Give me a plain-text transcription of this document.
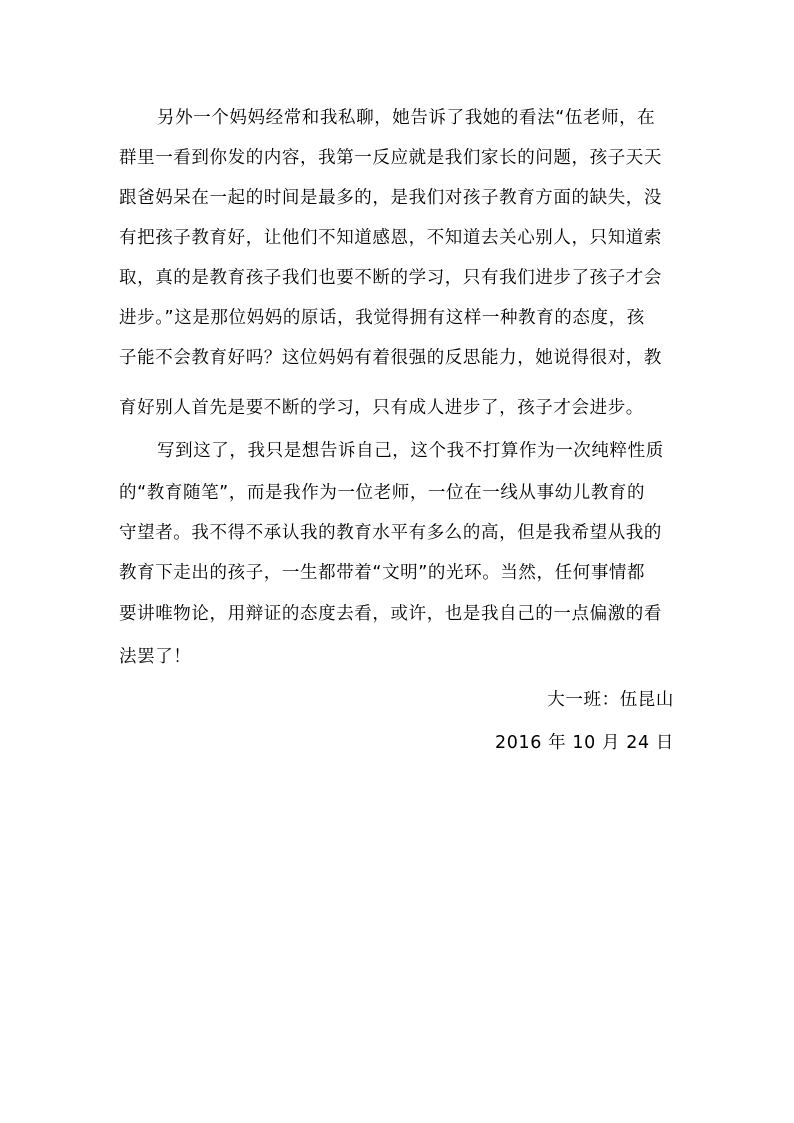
另外一个妈妈经常和我私聊，她告诉了我她的看法“伍老师，在
群里一看到你发的内容，我第一反应就是我们家长的问题，孩子天天
跟爸妈呆在一起的时间是最多的，是我们对孩子教育方面的缺失，没
有把孩子教育好，让他们不知道感恩，不知道去关心别人，只知道索
取，真的是教育孩子我们也要不断的学习，只有我们进步了孩子才会
进步。”这是那位妈妈的原话，我觉得拥有这样一种教育的态度，孩
子能不会教育好吗？这位妈妈有着很强的反思能力，她说得很对，教
育好别人首先是要不断的学习，只有成人进步了，孩子才会进步。
写到这了，我只是想告诉自己，这个我不打算作为一次纯粹性质
的“教育随笔”，而是我作为一位老师，一位在一线从事幼儿教育的
守望者。我不得不承认我的教育水平有多么的高，但是我希望从我的
教育下走出的孩子，一生都带着“文明”的光环。当然，任何事情都
要讲唯物论，用辩证的态度去看，或许，也是我自己的一点偏激的看
法罢了！
大一班：伍昆山
2016 年 10 月 24 日
